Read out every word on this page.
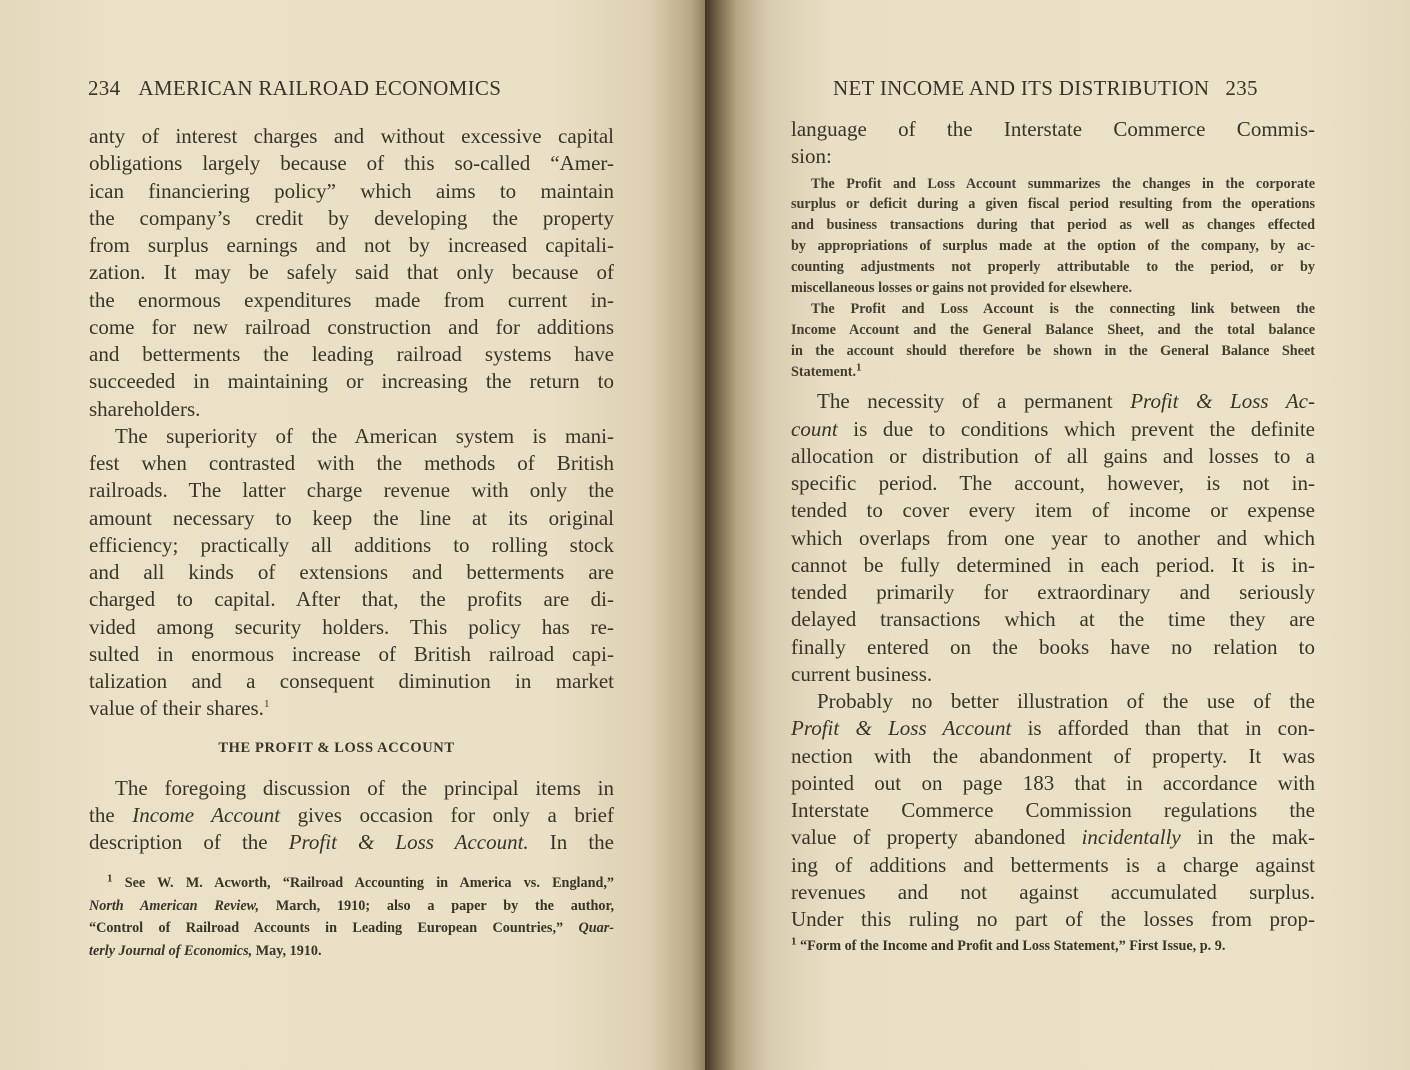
234 AMERICAN RAILROAD ECONOMICS
anty of interest charges and without excessive capital
obligations largely because of this so-called “Amer-
ican financiering policy” which aims to maintain
the company’s credit by developing the property
from surplus earnings and not by increased capitali-
zation. It may be safely said that only because of
the enormous expenditures made from current in-
come for new railroad construction and for additions
and betterments the leading railroad systems have
succeeded in maintaining or increasing the return to
shareholders.
The superiority of the American system is mani-
fest when contrasted with the methods of British
railroads. The latter charge revenue with only the
amount necessary to keep the line at its original
efficiency; practically all additions to rolling stock
and all kinds of extensions and betterments are
charged to capital. After that, the profits are di-
vided among security holders. This policy has re-
sulted in enormous increase of British railroad capi-
talization and a consequent diminution in market
value of their shares.$^1$
THE PROFIT & LOSS ACCOUNT
The foregoing discussion of the principal items in
the Income Account gives occasion for only a brief
description of the Profit & Loss Account. In the
$^1$ See W. M. Acworth, “Railroad Accounting in America vs. England,”
North American Review, March, 1910; also a paper by the author,
“Control of Railroad Accounts in Leading European Countries,” Quar-
terly Journal of Economics, May, 1910.
NET INCOME AND ITS DISTRIBUTION 235
language of the Interstate Commerce Commis-
sion:
The Profit and Loss Account summarizes the changes in the corporate
surplus or deficit during a given fiscal period resulting from the operations
and business transactions during that period as well as changes effected
by appropriations of surplus made at the option of the company, by ac-
counting adjustments not properly attributable to the period, or by
miscellaneous losses or gains not provided for elsewhere.
The Profit and Loss Account is the connecting link between the
Income Account and the General Balance Sheet, and the total balance
in the account should therefore be shown in the General Balance Sheet
Statement.$^1$
The necessity of a permanent Profit & Loss Ac-
count is due to conditions which prevent the definite
allocation or distribution of all gains and losses to a
specific period. The account, however, is not in-
tended to cover every item of income or expense
which overlaps from one year to another and which
cannot be fully determined in each period. It is in-
tended primarily for extraordinary and seriously
delayed transactions which at the time they are
finally entered on the books have no relation to
current business.
Probably no better illustration of the use of the
Profit & Loss Account is afforded than that in con-
nection with the abandonment of property. It was
pointed out on page 183 that in accordance with
Interstate Commerce Commission regulations the
value of property abandoned incidentally in the mak-
ing of additions and betterments is a charge against
revenues and not against accumulated surplus.
Under this ruling no part of the losses from prop-
$^1$ “Form of the Income and Profit and Loss Statement,” First Issue, p. 9.
